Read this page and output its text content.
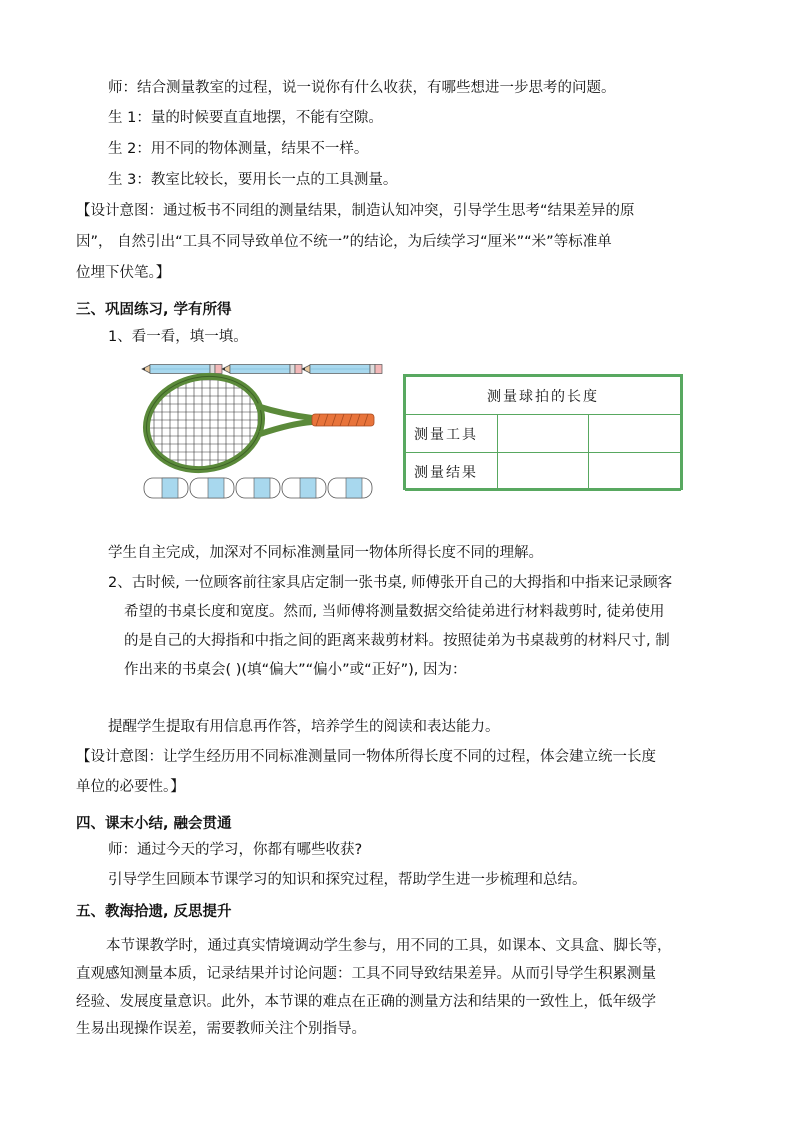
师：结合测量教室的过程，说一说你有什么收获，有哪些想进一步思考的问题。
生 1：量的时候要直直地摆，不能有空隙。
生 2：用不同的物体测量，结果不一样。
生 3：教室比较长，要用长一点的工具测量。
【设计意图：通过板书不同组的测量结果，制造认知冲突，引导学生思考“结果差异的原
因”， 自然引出“工具不同导致单位不统一”的结论，为后续学习“厘米”“米”等标准单
位埋下伏笔。】
三、巩固练习, 学有所得
1、看一看，填一填。
测量球拍的长度		
测量工具		
测量结果		
学生自主完成，加深对不同标准测量同一物体所得长度不同的理解。
2、古时候, 一位顾客前往家具店定制一张书桌, 师傅张开自己的大拇指和中指来记录顾客
希望的书桌长度和宽度。然而, 当师傅将测量数据交给徒弟进行材料裁剪时, 徒弟使用
的是自己的大拇指和中指之间的距离来裁剪材料。按照徒弟为书桌裁剪的材料尺寸, 制
作出来的书桌会( )(填“偏大”“偏小”或“正好”), 因为：
提醒学生提取有用信息再作答，培养学生的阅读和表达能力。
【设计意图：让学生经历用不同标准测量同一物体所得长度不同的过程，体会建立统一长度
单位的必要性。】
四、课末小结, 融会贯通
师：通过今天的学习，你都有哪些收获?
引导学生回顾本节课学习的知识和探究过程，帮助学生进一步梳理和总结。
五、教海拾遗, 反思提升
本节课教学时，通过真实情境调动学生参与，用不同的工具，如课本、文具盒、脚长等，
直观感知测量本质，记录结果并讨论问题：工具不同导致结果差异。从而引导学生积累测量
经验、发展度量意识。此外，本节课的难点在正确的测量方法和结果的一致性上，低年级学
生易出现操作误差，需要教师关注个别指导。
